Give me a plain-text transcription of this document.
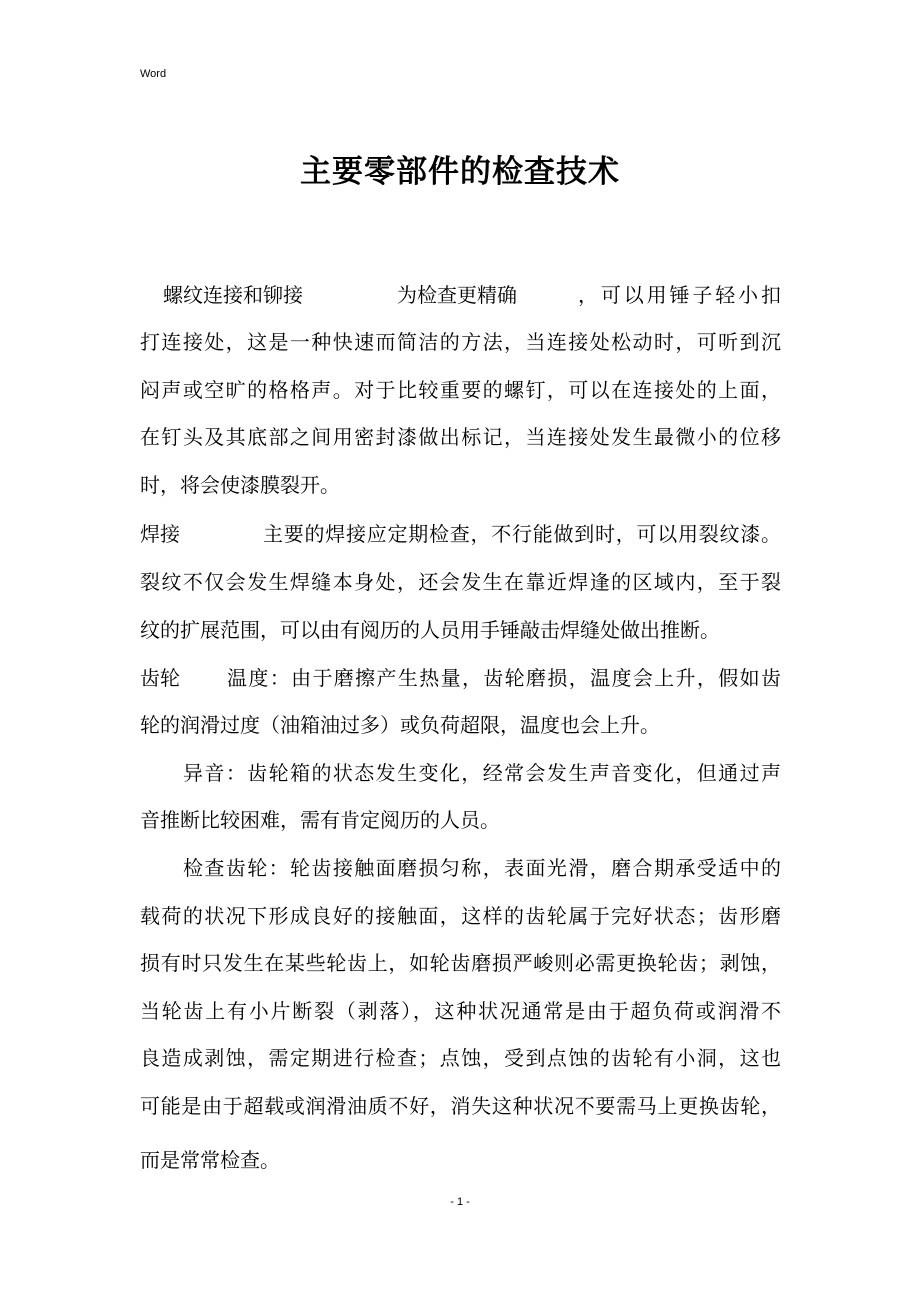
Word
主要零部件的检查技术
螺纹连接和铆接	为检查更精确	，可以用锤子轻小扣
打连接处，这是一种快速而简洁的方法，当连接处松动时，可听到沉
闷声或空旷的格格声。对于比较重要的螺钉，可以在连接处的上面，
在钉头及其底部之间用密封漆做出标记，当连接处发生最微小的位移
时，将会使漆膜裂开。
焊接	主要的焊接应定期检查，不行能做到时，可以用裂纹漆。
裂纹不仅会发生焊缝本身处，还会发生在靠近焊逢的区域内，至于裂
纹的扩展范围，可以由有阅历的人员用手锤敲击焊缝处做出推断。
齿轮 温度：由于磨擦产生热量，齿轮磨损，温度会上升，假如齿
轮的润滑过度（油箱油过多）或负荷超限，温度也会上升。
异音：齿轮箱的状态发生变化，经常会发生声音变化，但通过声
音推断比较困难，需有肯定阅历的人员。
检查齿轮：轮齿接触面磨损匀称，表面光滑，磨合期承受适中的
载荷的状况下形成良好的接触面，这样的齿轮属于完好状态；齿形磨
损有时只发生在某些轮齿上，如轮齿磨损严峻则必需更换轮齿；剥蚀，
当轮齿上有小片断裂（剥落），这种状况通常是由于超负荷或润滑不
良造成剥蚀，需定期进行检查；点蚀，受到点蚀的齿轮有小洞，这也
可能是由于超载或润滑油质不好，消失这种状况不要需马上更换齿轮，
而是常常检查。
- 1 -
